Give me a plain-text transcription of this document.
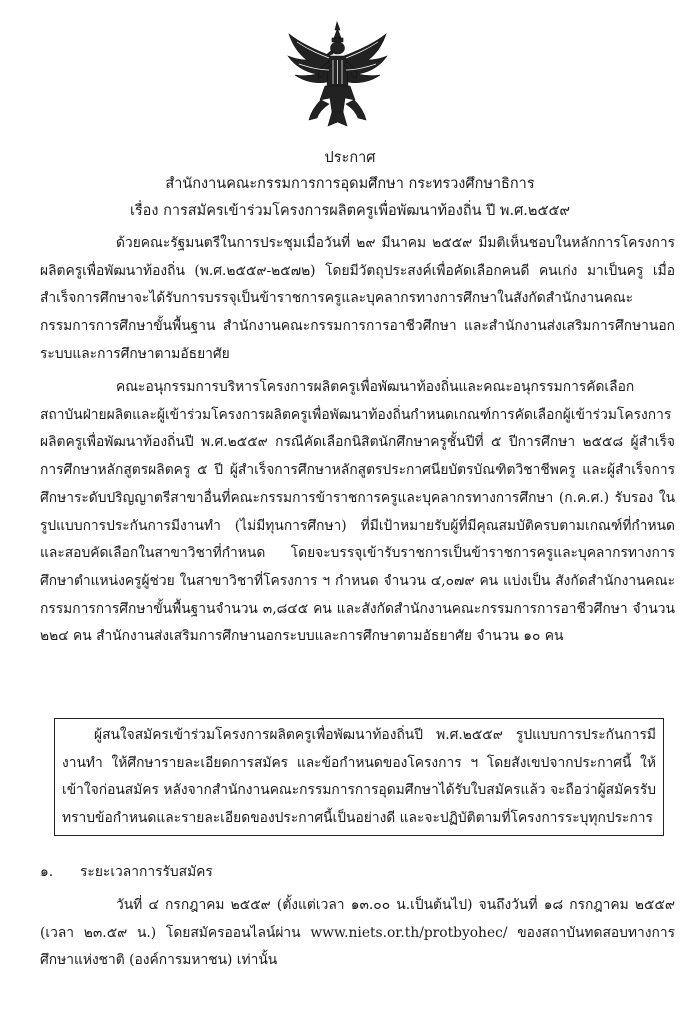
ประกาศ
สำนักงานคณะกรรมการการอุดมศึกษา กระทรวงศึกษาธิการ
เรื่อง การสมัครเข้าร่วมโครงการผลิตครูเพื่อพัฒนาท้องถิ่น ปี พ.ศ.๒๕๕๙

ด้วยคณะรัฐมนตรีในการประชุมเมื่อวันที่ ๒๙ มีนาคม ๒๕๕๙ มีมติเห็นชอบในหลักการโครงการผลิตครูเพื่อพัฒนาท้องถิ่น (พ.ศ.๒๕๕๙-๒๕๗๒) โดยมีวัตถุประสงค์เพื่อคัดเลือกคนดี คนเก่ง มาเป็นครู เมื่อสำเร็จการศึกษาจะได้รับการบรรจุเป็นข้าราชการครูและบุคลากรทางการศึกษาในสังกัดสำนักงานคณะกรรมการการศึกษาขั้นพื้นฐาน สำนักงานคณะกรรมการการอาชีวศึกษา และสำนักงานส่งเสริมการศึกษานอกระบบและการศึกษาตามอัธยาศัย

คณะอนุกรรมการบริหารโครงการผลิตครูเพื่อพัฒนาท้องถิ่นและคณะอนุกรรมการคัดเลือกสถาบันฝ่ายผลิตและผู้เข้าร่วมโครงการผลิตครูเพื่อพัฒนาท้องถิ่นกำหนดเกณฑ์การคัดเลือกผู้เข้าร่วมโครงการผลิตครูเพื่อพัฒนาท้องถิ่นปี พ.ศ.๒๕๕๙ กรณีคัดเลือกนิสิตนักศึกษาครูชั้นปีที่ ๕ ปีการศึกษา ๒๕๕๘ ผู้สำเร็จการศึกษาหลักสูตรผลิตครู ๕ ปี ผู้สำเร็จการศึกษาหลักสูตรประกาศนียบัตรบัณฑิตวิชาชีพครู และผู้สำเร็จการศึกษาระดับปริญญาตรีสาขาอื่นที่คณะกรรมการข้าราชการครูและบุคลากรทางการศึกษา (ก.ค.ศ.) รับรอง ในรูปแบบการประกันการมีงานทำ (ไม่มีทุนการศึกษา) ที่มีเป้าหมายรับผู้ที่มีคุณสมบัติครบตามเกณฑ์ที่กำหนดและสอบคัดเลือกในสาขาวิชาที่กำหนด โดยจะบรรจุเข้ารับราชการเป็นข้าราชการครูและบุคลากรทางการศึกษาตำแหน่งครูผู้ช่วย ในสาขาวิชาที่โครงการ ฯ กำหนด จำนวน ๔,๐๗๙ คน แบ่งเป็น สังกัดสำนักงานคณะกรรมการการศึกษาขั้นพื้นฐานจำนวน ๓,๘๔๕ คน และสังกัดสำนักงานคณะกรรมการการอาชีวศึกษา จำนวน ๒๒๔ คน สำนักงานส่งเสริมการศึกษานอกระบบและการศึกษาตามอัธยาศัย จำนวน ๑๐ คน

ผู้สนใจสมัครเข้าร่วมโครงการผลิตครูเพื่อพัฒนาท้องถิ่นปี พ.ศ.๒๕๕๙ รูปแบบการประกันการมีงานทำ ให้ศึกษารายละเอียดการสมัคร และข้อกำหนดของโครงการ ฯ โดยสังเขปจากประกาศนี้ ให้เข้าใจก่อนสมัคร หลังจากสำนักงานคณะกรรมการการอุดมศึกษาได้รับใบสมัครแล้ว จะถือว่าผู้สมัครรับทราบข้อกำหนดและรายละเอียดของประกาศนี้เป็นอย่างดี และจะปฏิบัติตามที่โครงการระบุทุกประการ

๑. ระยะเวลาการรับสมัคร

วันที่ ๔ กรกฎาคม ๒๕๕๙ (ตั้งแต่เวลา ๑๓.๐๐ น.เป็นต้นไป) จนถึงวันที่ ๑๘ กรกฎาคม ๒๕๕๙ (เวลา ๒๓.๕๙ น.) โดยสมัครออนไลน์ผ่าน www.niets.or.th/protbyohec/ ของสถาบันทดสอบทางการศึกษาแห่งชาติ (องค์การมหาชน) เท่านั้น
